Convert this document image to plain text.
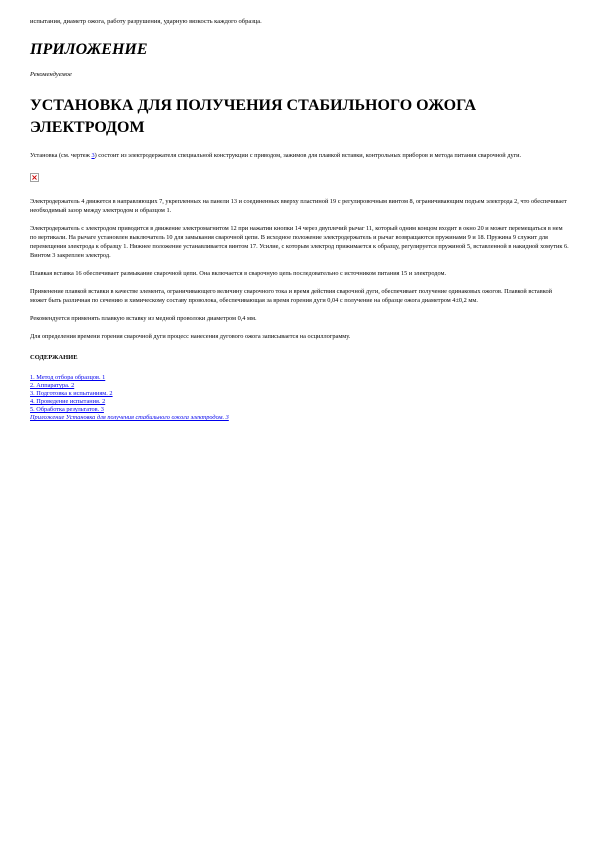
испытания, диаметр ожога, работу разрушения, ударную вязкость каждого образца.

ПРИЛОЖЕНИЕ

Рекомендуемое

УСТАНОВКА ДЛЯ ПОЛУЧЕНИЯ СТАБИЛЬНОГО ОЖОГА ЭЛЕКТРОДОМ

Установка (см. чертеж 3) состоит из электродержателя специальной конструкции с приводом, зажимов для плавкой вставки, контрольных приборов и метода питания сварочной дуги.

×

Электродержатель 4 движется в направляющих 7, укрепленных на панели 13 и соединенных вверху пластиной 19 с регулировочным винтом 8, ограничивающим подъем электрода 2, что обеспечивает необходимый зазор между электродом и образцом 1.

Электродержатель с электродом приводится в движение электромагнитом 12 при нажатии кнопки 14 через двуплечий рычаг 11, который одним концом входит в окно 20 и может перемещаться в нем по вертикали. На рычаге установлен выключатель 10 для замыкания сварочной цепи. В исходное положение электродержатель и рычаг возвращаются пружинами 9 и 18. Пружина 9 служит для перемещения электрода к образцу 1. Нижнее положение устанавливается винтом 17. Усилие, с которым электрод прижимается к образцу, регулируется пружиной 5, вставленной в накидной хомутик 6. Винтом 3 закреплен электрод.

Плавкая вставка 16 обеспечивает размыкание сварочной цепи. Она включается в сварочную цепь последовательно с источником питания 15 и электродом.

Применение плавкой вставки в качестве элемента, ограничивающего величину сварочного тока и время действия сварочной дуги, обеспечивает получение одинаковых ожогов. Плавкой вставкой может быть различная по сечению и химическому составу проволока, обеспечивающая за время горения дуги 0,04 с получение на образце ожога диаметром 4±0,2 мм.

Рекомендуется применять плавкую вставку из медной проволоки диаметром 0,4 мм.

Для определения времени горения сварочной дуги процесс нанесения дугового ожога записывается на осциллограмму.

СОДЕРЖАНИЕ

1. Метод отбора образцов. 1
2. Аппаратура. 2
3. Подготовка к испытаниям. 2
4. Проведение испытания. 2
5. Обработка результатов. 3
Приложение Установка для получения стабильного ожога электродом. 3
